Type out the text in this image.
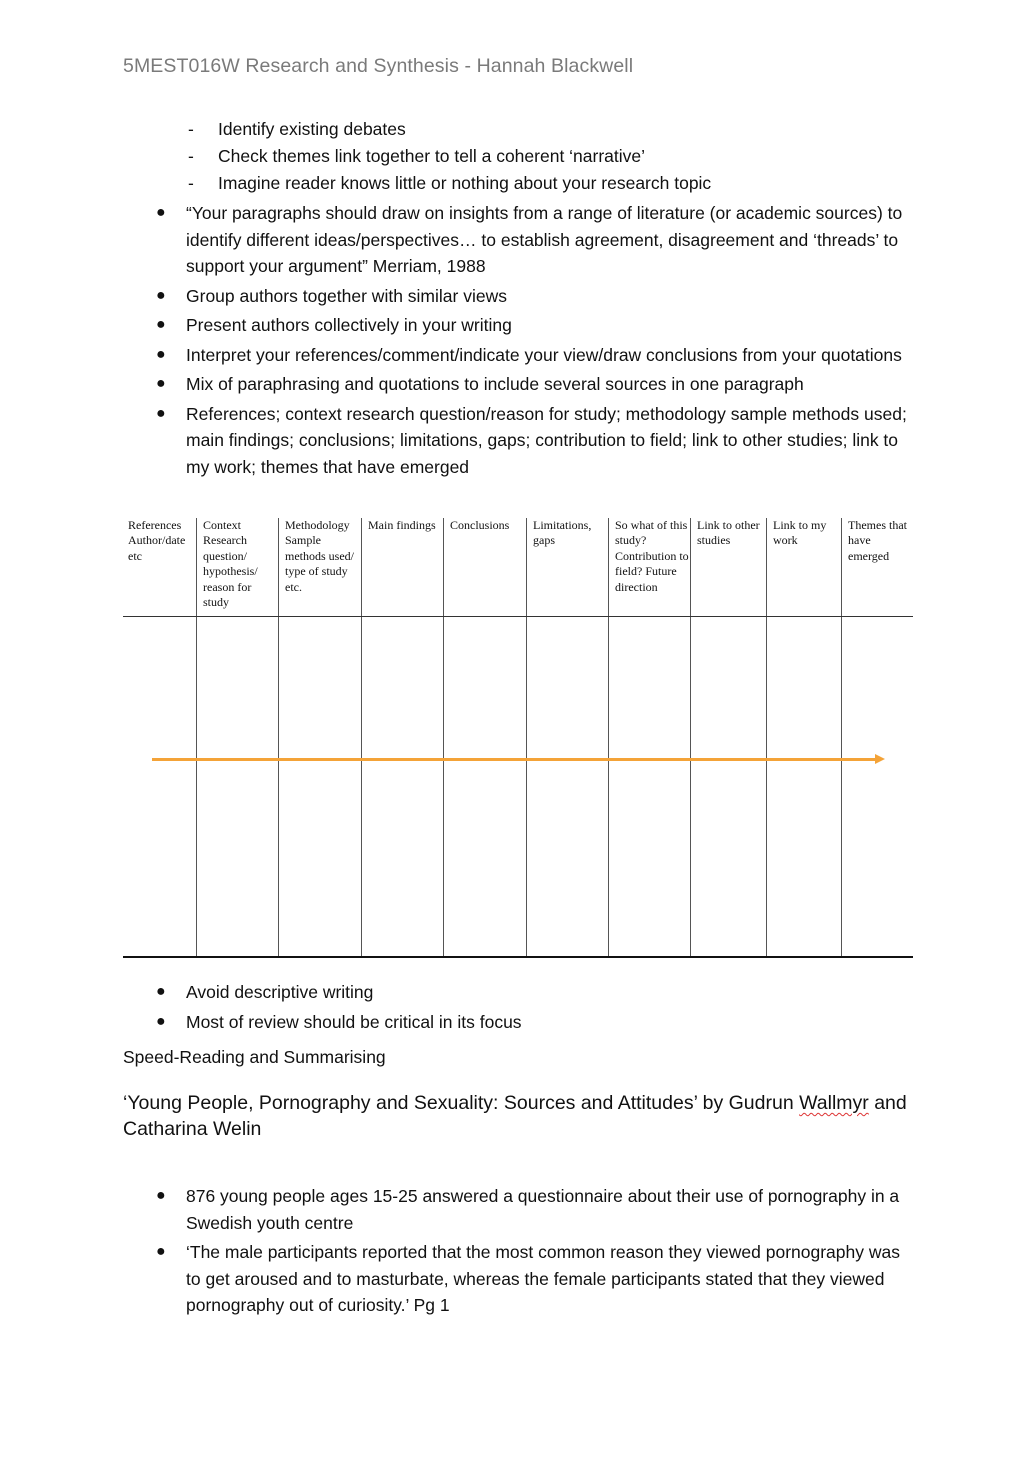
5MEST016W Research and Synthesis - Hannah Blackwell
- Identify existing debates
- Check themes link together to tell a coherent ‘narrative’
- Imagine reader knows little or nothing about your research topic
● “Your paragraphs should draw on insights from a range of literature (or academic sources) to identify different ideas/perspectives… to establish agreement, disagreement and ‘threads’ to support your argument” Merriam, 1988
● Group authors together with similar views
● Present authors collectively in your writing
● Interpret your references/comment/indicate your view/draw conclusions from your quotations
● Mix of paraphrasing and quotations to include several sources in one paragraph
● References; context research question/reason for study; methodology sample methods used; main findings; conclusions; limitations, gaps; contribution to field; link to other studies; link to my work; themes that have emerged
References Author/date etc
Context Research question/ hypothesis/ reason for study
Methodology Sample methods used/ type of study etc.
Main findings	Conclusions	Limitations, gaps
So what of this study? Contribution to field? Future direction
Link to other studies
Link to my work
Themes that have emerged
● Avoid descriptive writing
● Most of review should be critical in its focus
Speed-Reading and Summarising
‘Young People, Pornography and Sexuality: Sources and Attitudes’ by Gudrun Wallmyr and Catharina Welin
● 876 young people ages 15-25 answered a questionnaire about their use of pornography in a Swedish youth centre
● ‘The male participants reported that the most common reason they viewed pornography was to get aroused and to masturbate, whereas the female participants stated that they viewed pornography out of curiosity.’ Pg 1
